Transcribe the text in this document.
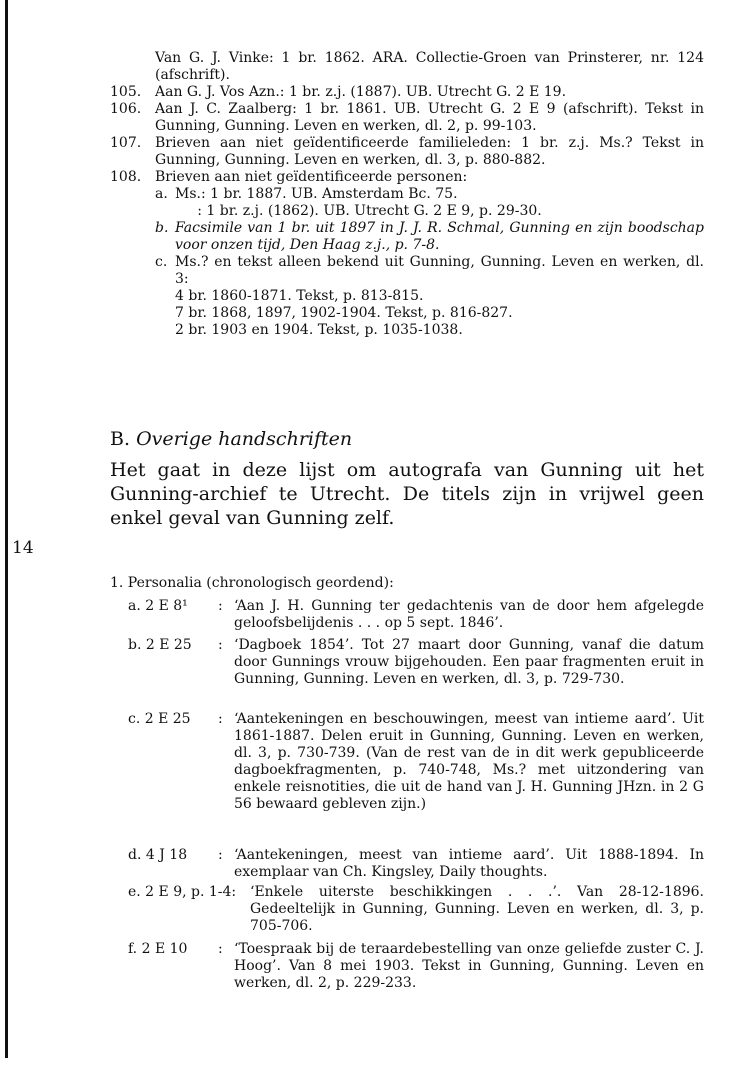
14
Van G. J. Vinke: 1 br. 1862. ARA. Collectie-Groen van Prinsterer, nr. 124 (afschrift).
105. Aan G. J. Vos Azn.: 1 br. z.j. (1887). UB. Utrecht G. 2 E 19.
106. Aan J. C. Zaalberg: 1 br. 1861. UB. Utrecht G. 2 E 9 (afschrift). Tekst in Gunning, Gunning. Leven en werken, dl. 2, p. 99-103.
107. Brieven aan niet geïdentificeerde familieleden: 1 br. z.j. Ms.? Tekst in Gunning, Gunning. Leven en werken, dl. 3, p. 880-882.
108. Brieven aan niet geïdentificeerde personen:
a. Ms.: 1 br. 1887. UB. Amsterdam Bc. 75.
: 1 br. z.j. (1862). UB. Utrecht G. 2 E 9, p. 29-30.
b. Facsimile van 1 br. uit 1897 in J. J. R. Schmal, Gunning en zijn boodschap voor onzen tijd, Den Haag z.j., p. 7-8.
c. Ms.? en tekst alleen bekend uit Gunning, Gunning. Leven en werken, dl. 3:
4 br. 1860-1871. Tekst, p. 813-815.
7 br. 1868, 1897, 1902-1904. Tekst, p. 816-827.
2 br. 1903 en 1904. Tekst, p. 1035-1038.
B. Overige handschriften
Het gaat in deze lijst om autografa van Gunning uit het Gunning-archief te Utrecht. De titels zijn in vrijwel geen enkel geval van Gunning zelf.
1. Personalia (chronologisch geordend):
a. 2 E 8¹	: ‘Aan J. H. Gunning ter gedachtenis van de door hem afgelegde geloofsbelijdenis . . . op 5 sept. 1846’.
b. 2 E 25	: ‘Dagboek 1854’. Tot 27 maart door Gunning, vanaf die datum door Gunnings vrouw bijgehouden. Een paar fragmenten eruit in Gunning, Gunning. Leven en werken, dl. 3, p. 729-730.
c. 2 E 25	: ‘Aantekeningen en beschouwingen, meest van intieme aard’. Uit 1861-1887. Delen eruit in Gunning, Gunning. Leven en werken, dl. 3, p. 730-739. (Van de rest van de in dit werk gepubliceerde dagboekfragmenten, p. 740-748, Ms.? met uitzondering van enkele reisnotities, die uit de hand van J. H. Gunning JHzn. in 2 G 56 bewaard gebleven zijn.)
d. 4 J 18	: ‘Aantekeningen, meest van intieme aard’. Uit 1888-1894. In exemplaar van Ch. Kingsley, Daily thoughts.
e. 2 E 9, p. 1-4: ‘Enkele uiterste beschikkingen . . .’. Van 28-12-1896. Gedeeltelijk in Gunning, Gunning. Leven en werken, dl. 3, p. 705-706.
f. 2 E 10	: ‘Toespraak bij de teraardebestelling van onze geliefde zuster C. J. Hoog’. Van 8 mei 1903. Tekst in Gunning, Gunning. Leven en werken, dl. 2, p. 229-233.
